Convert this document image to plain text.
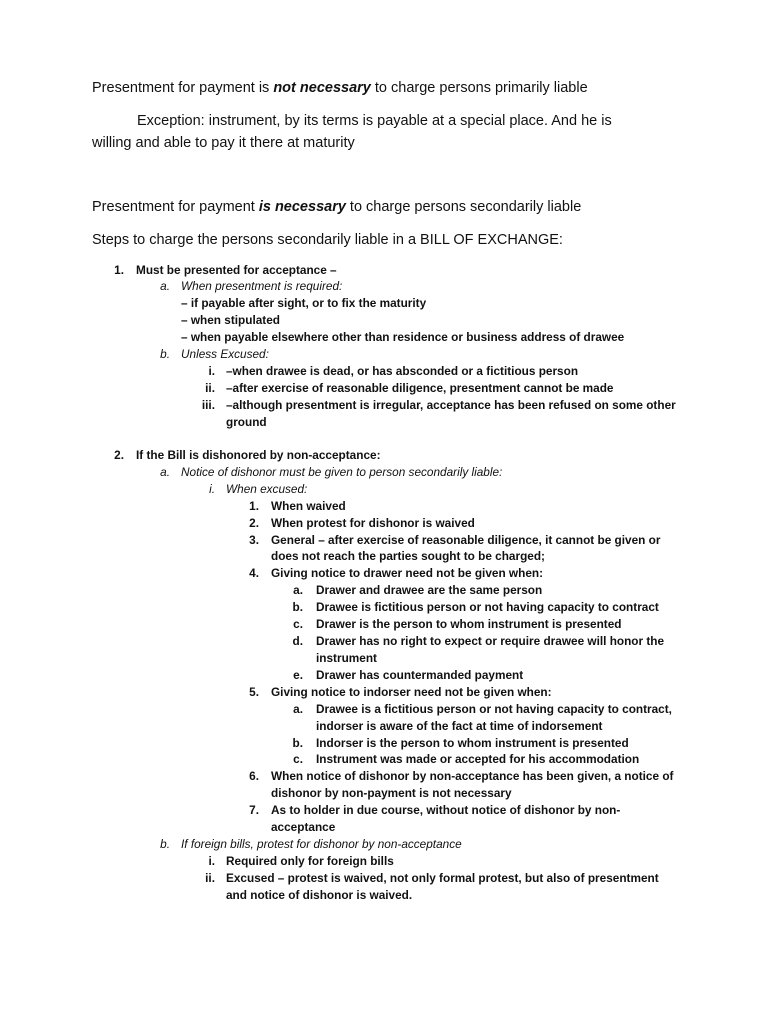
Presentment for payment is not necessary to charge persons primarily liable

Exception: instrument, by its terms is payable at a special place. And he is

willing and able to pay it there at maturity

Presentment for payment is necessary to charge persons secondarily liable

Steps to charge the persons secondarily liable in a BILL OF EXCHANGE:

1. Must be presented for acceptance –
a. When presentment is required:
– if payable after sight, or to fix the maturity
– when stipulated
– when payable elsewhere other than residence or business address of drawee
b. Unless Excused:
i. –when drawee is dead, or has absconded or a fictitious person
ii. –after exercise of reasonable diligence, presentment cannot be made
iii. –although presentment is irregular, acceptance has been refused on some other
ground
2. If the Bill is dishonored by non-acceptance:
a. Notice of dishonor must be given to person secondarily liable:
i. When excused:
1. When waived
2. When protest for dishonor is waived
3. General – after exercise of reasonable diligence, it cannot be given or
does not reach the parties sought to be charged;
4. Giving notice to drawer need not be given when:
a. Drawer and drawee are the same person
b. Drawee is fictitious person or not having capacity to contract
c. Drawer is the person to whom instrument is presented
d. Drawer has no right to expect or require drawee will honor the
instrument
e. Drawer has countermanded payment
5. Giving notice to indorser need not be given when:
a. Drawee is a fictitious person or not having capacity to contract,
indorser is aware of the fact at time of indorsement
b. Indorser is the person to whom instrument is presented
c. Instrument was made or accepted for his accommodation
6. When notice of dishonor by non-acceptance has been given, a notice of
dishonor by non-payment is not necessary
7. As to holder in due course, without notice of dishonor by non-
acceptance
b. If foreign bills, protest for dishonor by non-acceptance
i. Required only for foreign bills
ii. Excused – protest is waived, not only formal protest, but also of presentment
and notice of dishonor is waived.
